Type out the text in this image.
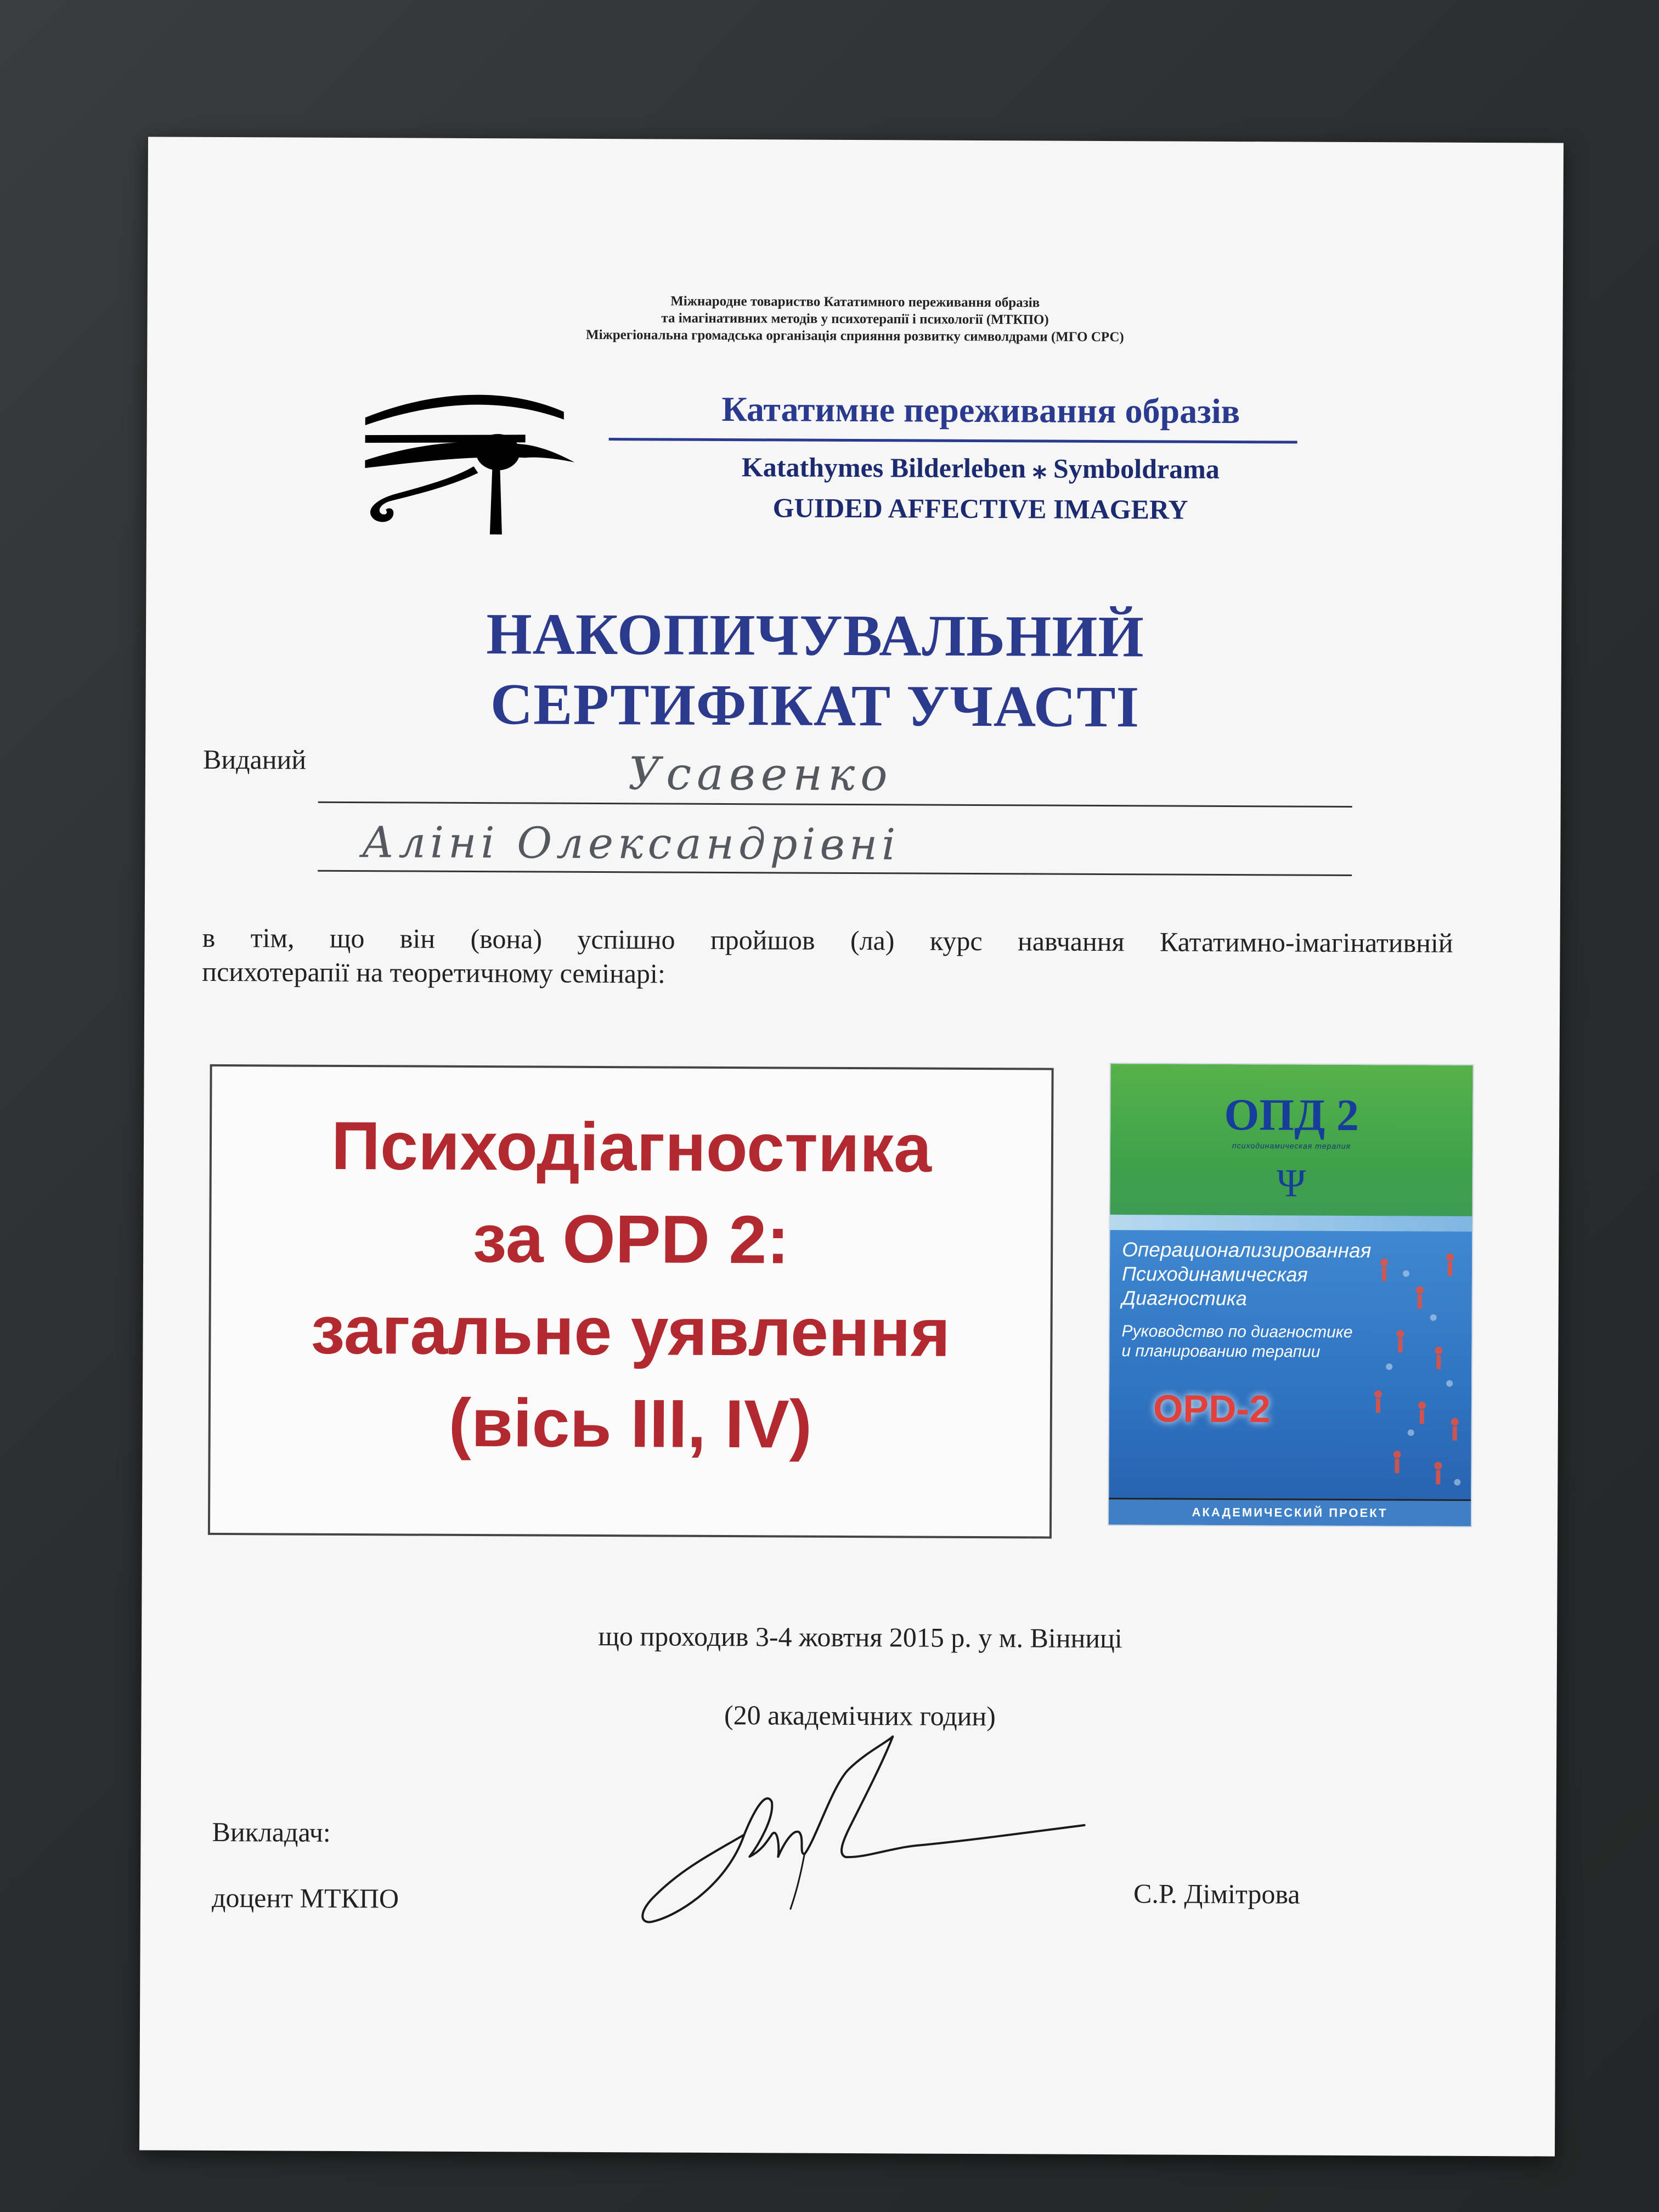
Міжнародне товариство Кататимного переживання образів
та імагінативних методів у психотерапії і психології (МТКПО)
Міжрегіональна громадська організація сприяння розвитку символдрами (МГО СРС)
Кататимне переживання образів
Katathymes Bilderleben ⁎ Symboldrama
GUIDED AFFECTIVE IMAGERY
НАКОПИЧУВАЛЬНИЙ
СЕРТИФІКАТ УЧАСТІ
Виданий	Усавенко
Аліні Олександрівні
в тім, що він (вона) успішно пройшов (ла) курс навчання Кататимно-імагінативній
психотерапії на теоретичному семінарі:
Психодіагностика
за OPD 2:
загальне уявлення
(вісь III, IV)
ОПД 2
психодинамическая терапия
Ψ
Операционализированная
Психодинамическая
Диагностика
Руководство по диагностике
и планированию терапии
OPD-2
АКАДЕМИЧЕСКИЙ ПРОЕКТ
що проходив 3-4 жовтня 2015 р. у м. Вінниці
(20 академічних годин)
Викладач:
доцент МТКПО	С.Р. Дімітрова
